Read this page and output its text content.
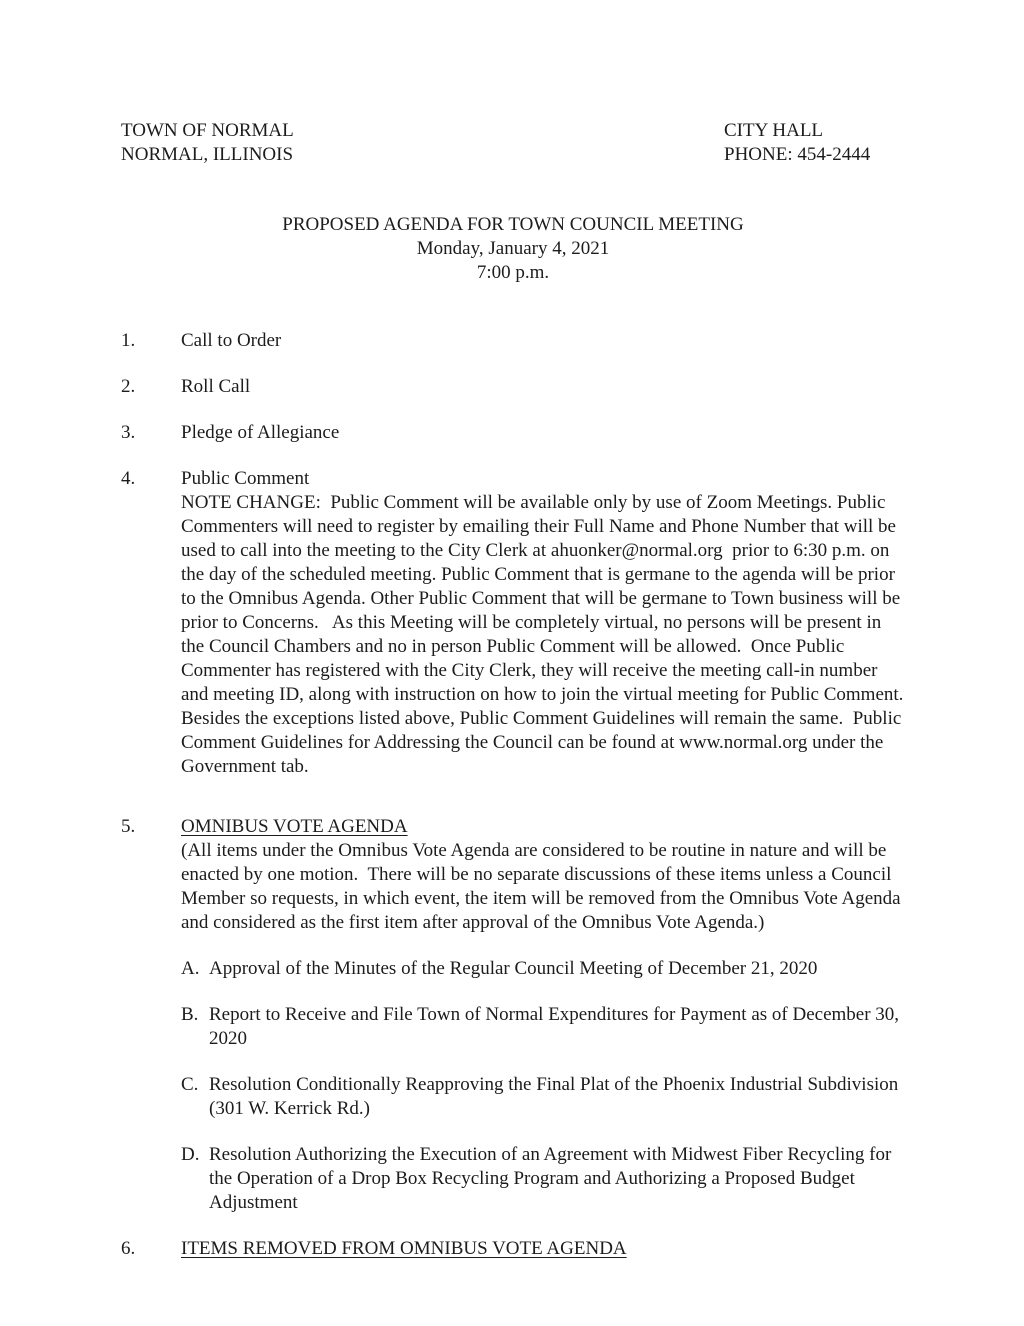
TOWN OF NORMAL
NORMAL, ILLINOIS
CITY HALL
PHONE: 454-2444
PROPOSED AGENDA FOR TOWN COUNCIL MEETING
Monday, January 4, 2021
7:00 p.m.
1.	Call to Order
2.	Roll Call
3.	Pledge of Allegiance
4.	Public Comment
NOTE CHANGE:  Public Comment will be available only by use of Zoom Meetings. Public Commenters will need to register by emailing their Full Name and Phone Number that will be used to call into the meeting to the City Clerk at ahuonker@normal.org  prior to 6:30 p.m. on the day of the scheduled meeting. Public Comment that is germane to the agenda will be prior to the Omnibus Agenda. Other Public Comment that will be germane to Town business will be prior to Concerns.   As this Meeting will be completely virtual, no persons will be present in the Council Chambers and no in person Public Comment will be allowed.  Once Public Commenter has registered with the City Clerk, they will receive the meeting call-in number and meeting ID, along with instruction on how to join the virtual meeting for Public Comment.  Besides the exceptions listed above, Public Comment Guidelines will remain the same.  Public Comment Guidelines for Addressing the Council can be found at www.normal.org under the Government tab.
5.	OMNIBUS VOTE AGENDA
(All items under the Omnibus Vote Agenda are considered to be routine in nature and will be enacted by one motion.  There will be no separate discussions of these items unless a Council Member so requests, in which event, the item will be removed from the Omnibus Vote Agenda and considered as the first item after approval of the Omnibus Vote Agenda.)
A. Approval of the Minutes of the Regular Council Meeting of December 21, 2020
B. Report to Receive and File Town of Normal Expenditures for Payment as of December 30, 2020
C. Resolution Conditionally Reapproving the Final Plat of the Phoenix Industrial Subdivision (301 W. Kerrick Rd.)
D. Resolution Authorizing the Execution of an Agreement with Midwest Fiber Recycling for the Operation of a Drop Box Recycling Program and Authorizing a Proposed Budget Adjustment
6.	ITEMS REMOVED FROM OMNIBUS VOTE AGENDA
